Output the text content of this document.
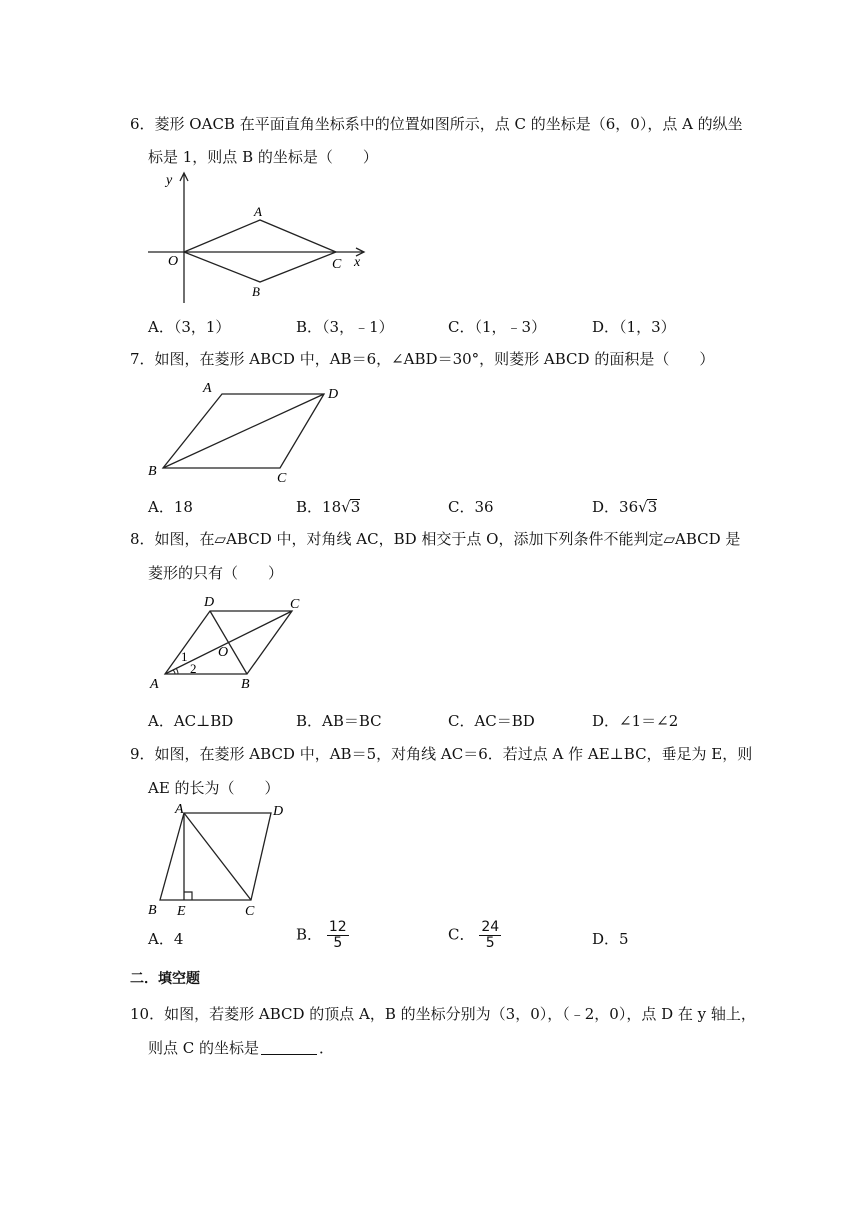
6．菱形 OACB 在平面直角坐标系中的位置如图所示，点 C 的坐标是（6，0），点 A 的纵坐
标是 1，则点 B 的坐标是（　　）
y
x
O
A
B
C
A．（3，1）	B．（3，﹣1）	C．（1，﹣3）	D．（1，3）
7．如图，在菱形 ABCD 中，AB＝6，∠ABD＝30°，则菱形 ABCD 的面积是（　　）
A	D
B	C
A．18	B．18√3	C．36	D．36√3
8．如图，在▱ABCD 中，对角线 AC，BD 相交于点 O，添加下列条件不能判定▱ABCD 是
菱形的只有（　　）
D	C
A	B
O
1
2
A．AC⊥BD	B．AB＝BC	C．AC＝BD	D．∠1＝∠2
9．如图，在菱形 ABCD 中，AB＝5，对角线 AC＝6．若过点 A 作 AE⊥BC，垂足为 E，则
AE 的长为（　　）
A	D
B E	C
A．4	B． $\frac{12}{5}$	C． $\frac{24}{5}$	D．5
二．填空题
10．如图，若菱形 ABCD 的顶点 A，B 的坐标分别为（3，0），（﹣2，0），点 D 在 y 轴上，
则点 C 的坐标是	．
